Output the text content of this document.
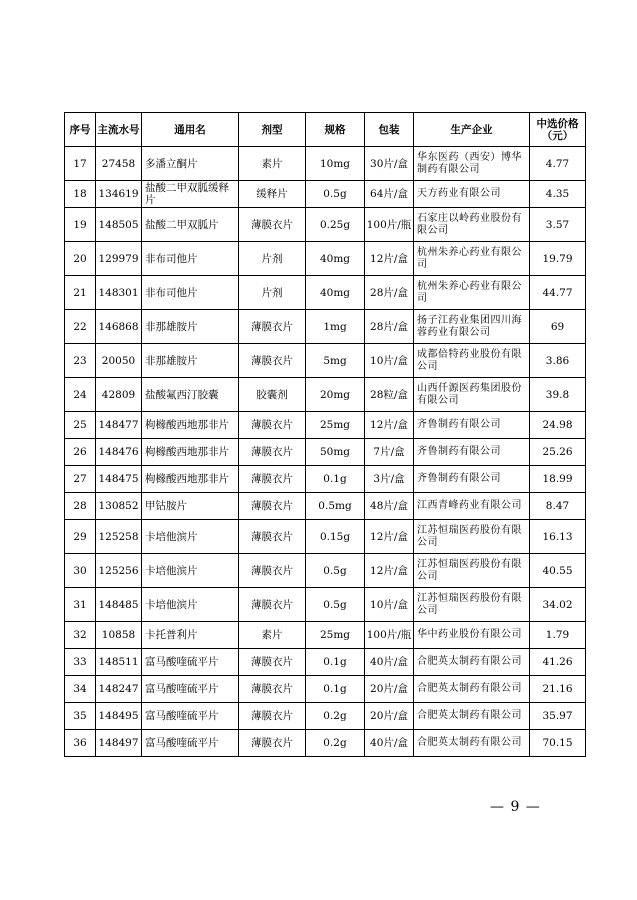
序号	主流水号	通用名	剂型	规格	包装	生产企业	中选价格（元）
17	27458	多潘立酮片	素片	10mg	30片/盒	华东医药（西安）博华制药有限公司	4.77
18	134619	盐酸二甲双胍缓释片	缓释片	0.5g	64片/盒	天方药业有限公司	4.35
19	148505	盐酸二甲双胍片	薄膜衣片	0.25g	100片/瓶	石家庄以岭药业股份有限公司	3.57
20	129979	非布司他片	片剂	40mg	12片/盒	杭州朱养心药业有限公司	19.79
21	148301	非布司他片	片剂	40mg	28片/盒	杭州朱养心药业有限公司	44.77
22	146868	非那雄胺片	薄膜衣片	1mg	28片/盒	扬子江药业集团四川海蓉药业有限公司	69
23	20050	非那雄胺片	薄膜衣片	5mg	10片/盒	成都倍特药业股份有限公司	3.86
24	42809	盐酸氟西汀胶囊	胶囊剂	20mg	28粒/盒	山西仟源医药集团股份有限公司	39.8
25	148477	枸橼酸西地那非片	薄膜衣片	25mg	12片/盒	齐鲁制药有限公司	24.98
26	148476	枸橼酸西地那非片	薄膜衣片	50mg	7片/盒	齐鲁制药有限公司	25.26
27	148475	枸橼酸西地那非片	薄膜衣片	0.1g	3片/盒	齐鲁制药有限公司	18.99
28	130852	甲钴胺片	薄膜衣片	0.5mg	48片/盒	江西青峰药业有限公司	8.47
29	125258	卡培他滨片	薄膜衣片	0.15g	12片/盒	江苏恒瑞医药股份有限公司	16.13
30	125256	卡培他滨片	薄膜衣片	0.5g	12片/盒	江苏恒瑞医药股份有限公司	40.55
31	148485	卡培他滨片	薄膜衣片	0.5g	10片/盒	江苏恒瑞医药股份有限公司	34.02
32	10858	卡托普利片	素片	25mg	100片/瓶	华中药业股份有限公司	1.79
33	148511	富马酸喹硫平片	薄膜衣片	0.1g	40片/盒	合肥英太制药有限公司	41.26
34	148247	富马酸喹硫平片	薄膜衣片	0.1g	20片/盒	合肥英太制药有限公司	21.16
35	148495	富马酸喹硫平片	薄膜衣片	0.2g	20片/盒	合肥英太制药有限公司	35.97
36	148497	富马酸喹硫平片	薄膜衣片	0.2g	40片/盒	合肥英太制药有限公司	70.15
— 9 —
